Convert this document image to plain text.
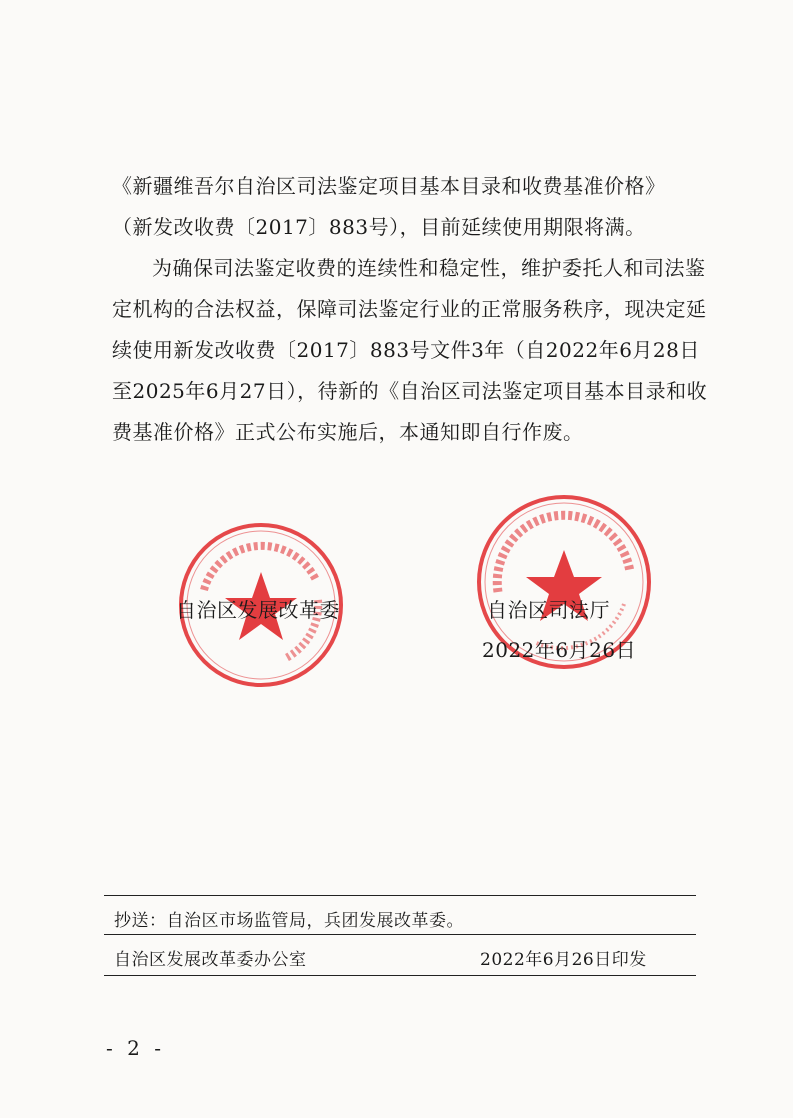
《新疆维吾尔自治区司法鉴定项目基本目录和收费基准价格》

（新发改收费〔2017〕883号），目前延续使用期限将满。

为确保司法鉴定收费的连续性和稳定性，维护委托人和司法鉴定机构的合法权益，保障司法鉴定行业的正常服务秩序，现决定延续使用新发改收费〔2017〕883号文件3年（自2022年6月28日至2025年6月27日），待新的《自治区司法鉴定项目基本目录和收费基准价格》正式公布实施后，本通知即自行作废。

自治区发展改革委	自治区司法厅
2022年6月26日
抄送：自治区市场监管局，兵团发展改革委。
自治区发展改革委办公室	2022年6月26日印发
- 2 -
